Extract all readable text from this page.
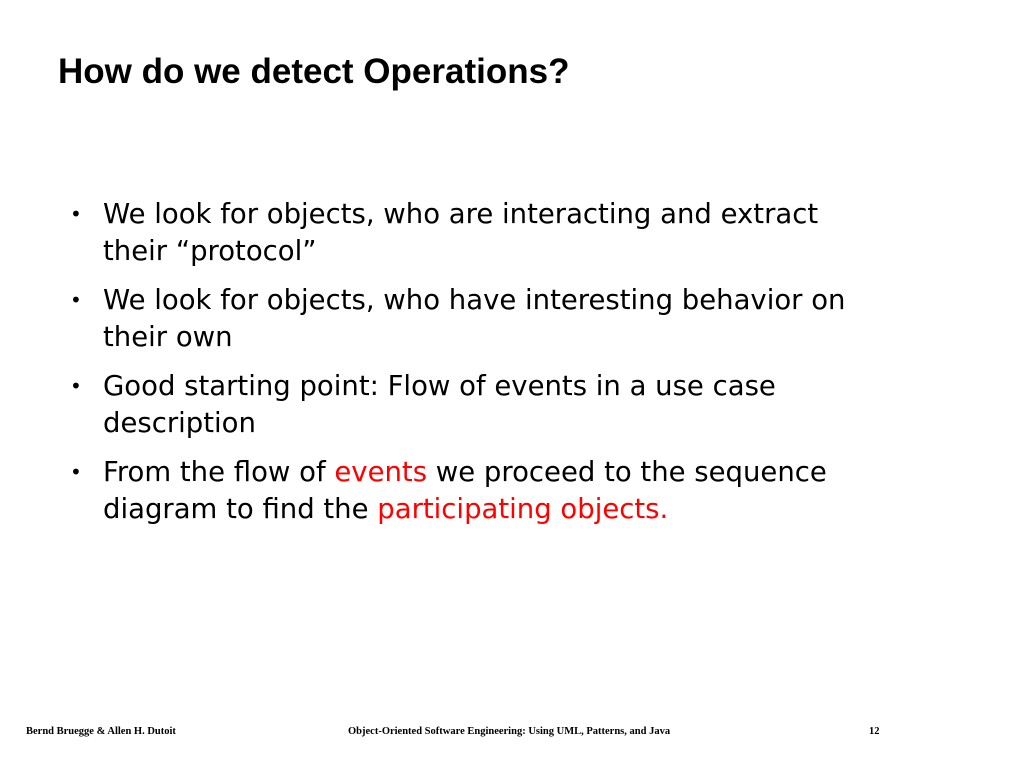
How do we detect Operations?
• We look for objects, who are interacting and extract their “protocol”
• We look for objects, who have interesting behavior on their own
• Good starting point: Flow of events in a use case description
• From the flow of events we proceed to the sequence diagram to find the participating objects.
Bernd Bruegge & Allen H. Dutoit	Object-Oriented Software Engineering: Using UML, Patterns, and Java	12
